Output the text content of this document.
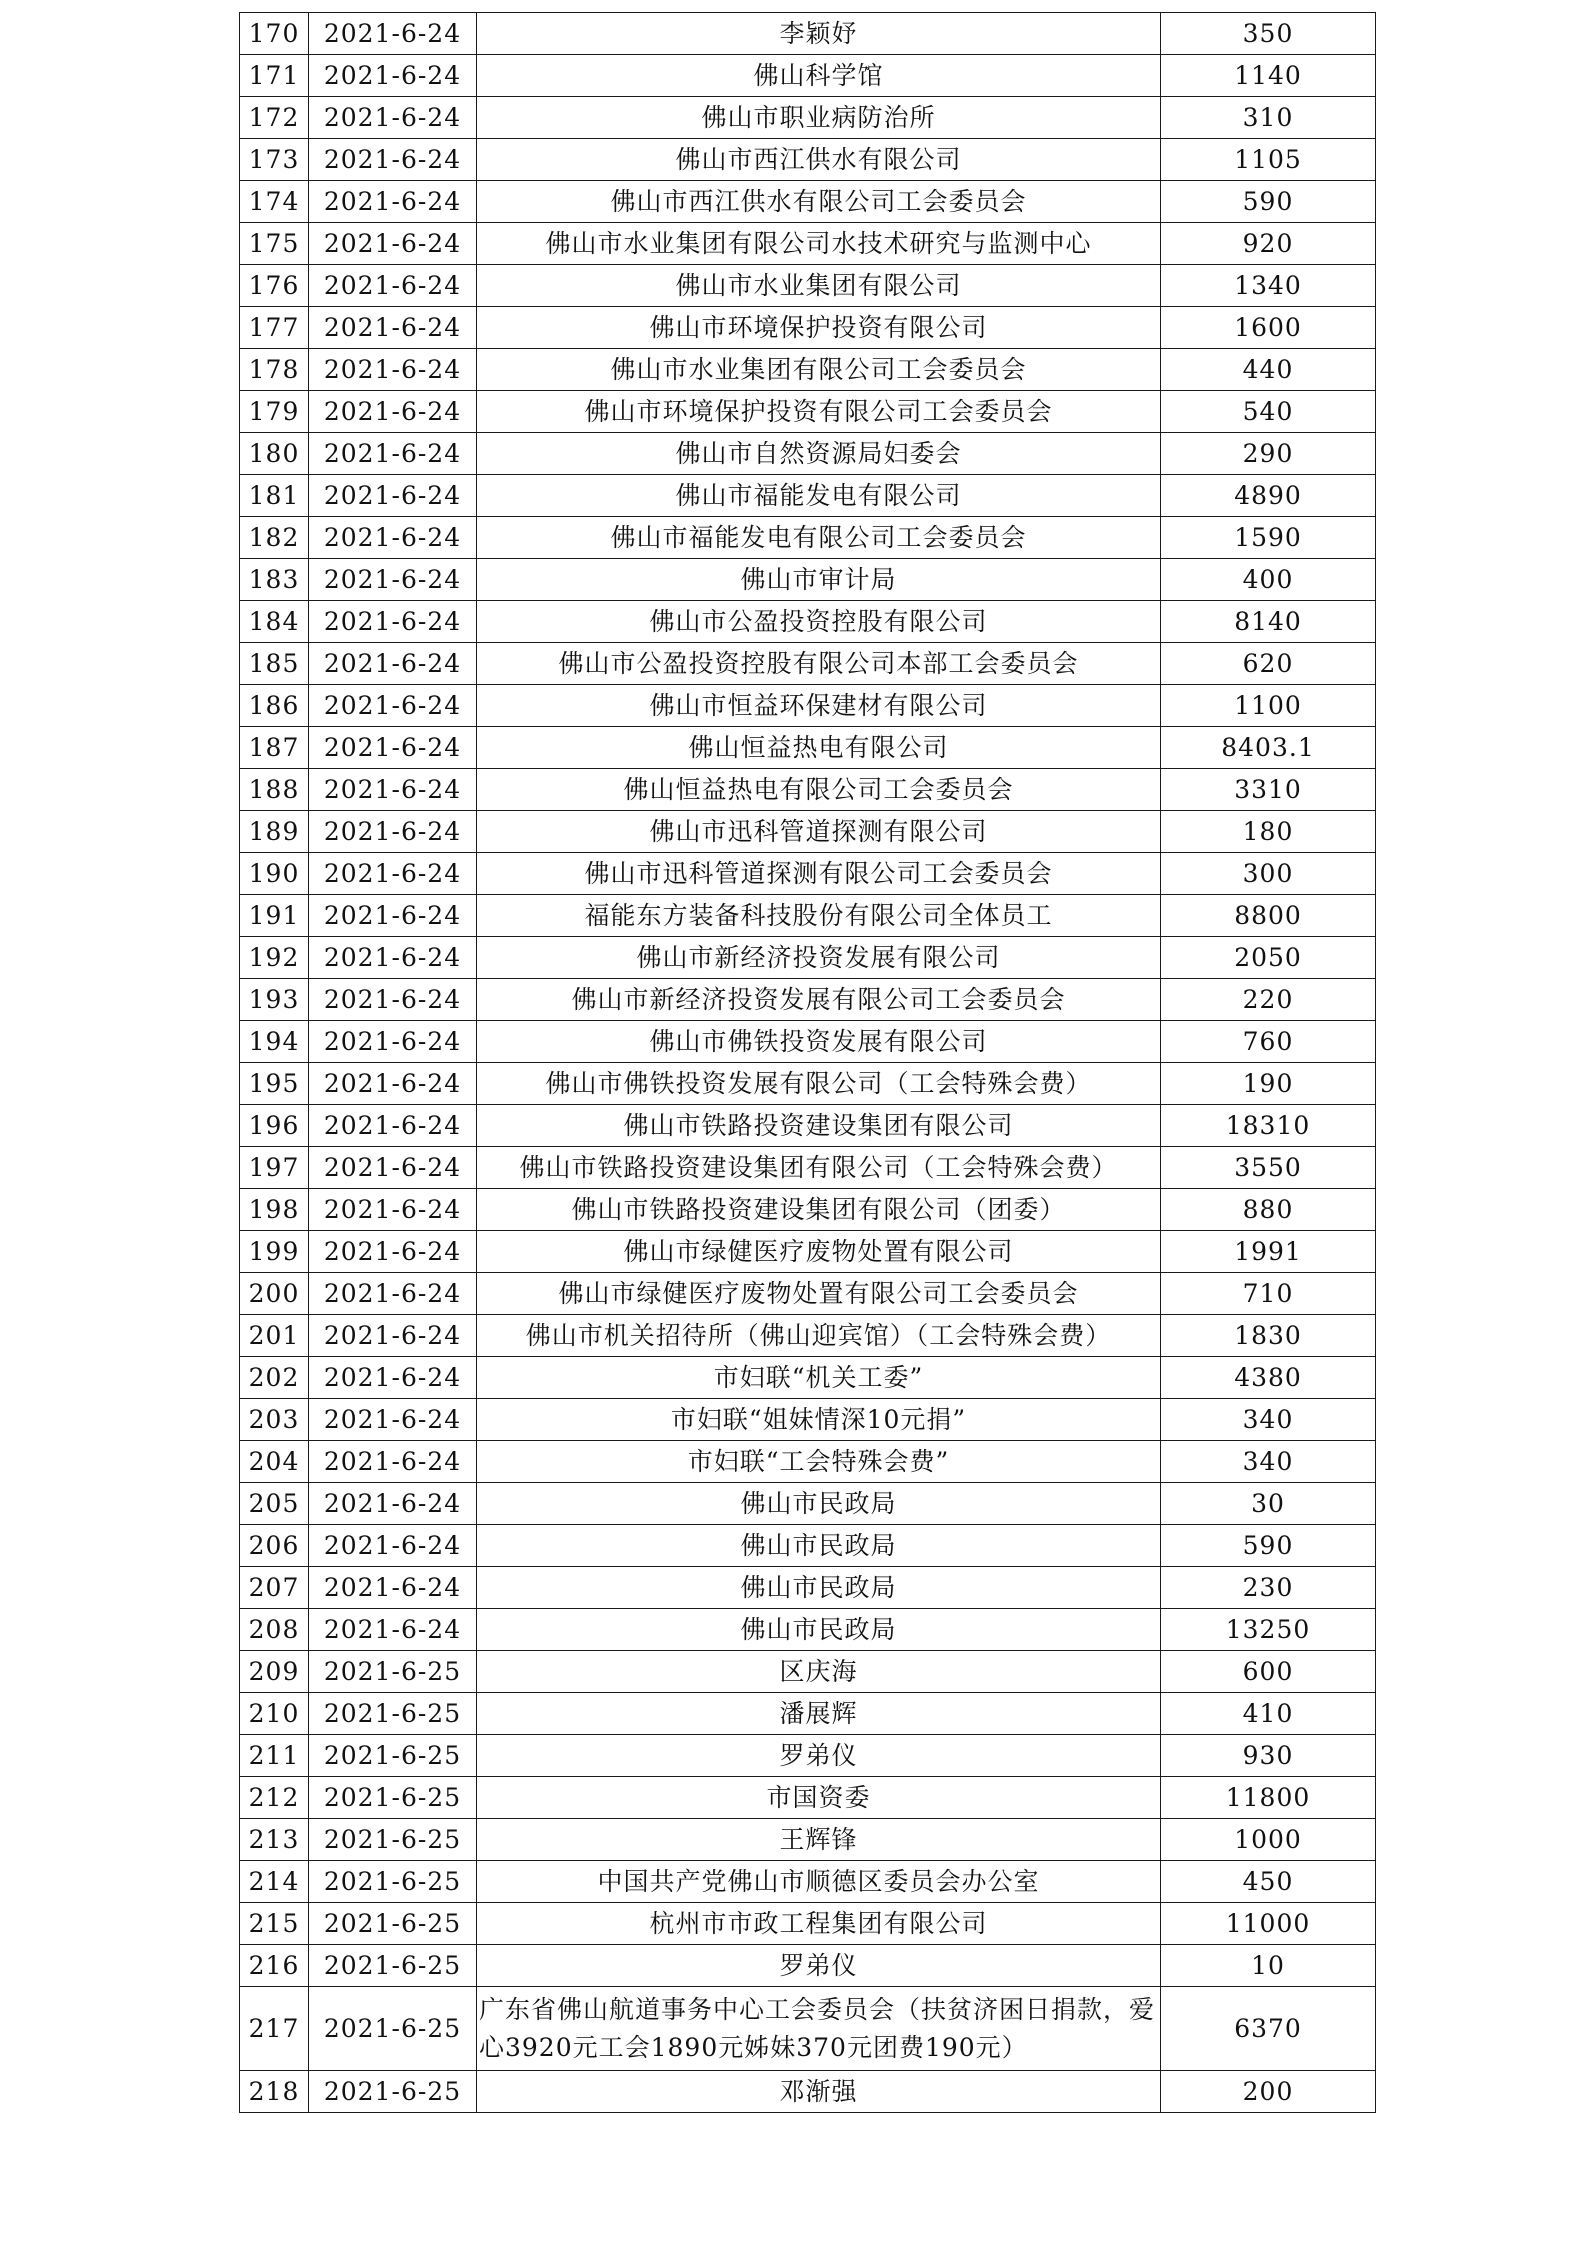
170	2021-6-24	李颖妤	350
171	2021-6-24	佛山科学馆	1140
172	2021-6-24	佛山市职业病防治所	310
173	2021-6-24	佛山市西江供水有限公司	1105
174	2021-6-24	佛山市西江供水有限公司工会委员会	590
175	2021-6-24	佛山市水业集团有限公司水技术研究与监测中心	920
176	2021-6-24	佛山市水业集团有限公司	1340
177	2021-6-24	佛山市环境保护投资有限公司	1600
178	2021-6-24	佛山市水业集团有限公司工会委员会	440
179	2021-6-24	佛山市环境保护投资有限公司工会委员会	540
180	2021-6-24	佛山市自然资源局妇委会	290
181	2021-6-24	佛山市福能发电有限公司	4890
182	2021-6-24	佛山市福能发电有限公司工会委员会	1590
183	2021-6-24	佛山市审计局	400
184	2021-6-24	佛山市公盈投资控股有限公司	8140
185	2021-6-24	佛山市公盈投资控股有限公司本部工会委员会	620
186	2021-6-24	佛山市恒益环保建材有限公司	1100
187	2021-6-24	佛山恒益热电有限公司	8403.1
188	2021-6-24	佛山恒益热电有限公司工会委员会	3310
189	2021-6-24	佛山市迅科管道探测有限公司	180
190	2021-6-24	佛山市迅科管道探测有限公司工会委员会	300
191	2021-6-24	福能东方装备科技股份有限公司全体员工	8800
192	2021-6-24	佛山市新经济投资发展有限公司	2050
193	2021-6-24	佛山市新经济投资发展有限公司工会委员会	220
194	2021-6-24	佛山市佛铁投资发展有限公司	760
195	2021-6-24	佛山市佛铁投资发展有限公司（工会特殊会费）	190
196	2021-6-24	佛山市铁路投资建设集团有限公司	18310
197	2021-6-24	佛山市铁路投资建设集团有限公司（工会特殊会费）	3550
198	2021-6-24	佛山市铁路投资建设集团有限公司（团委）	880
199	2021-6-24	佛山市绿健医疗废物处置有限公司	1991
200	2021-6-24	佛山市绿健医疗废物处置有限公司工会委员会	710
201	2021-6-24	佛山市机关招待所（佛山迎宾馆）（工会特殊会费）	1830
202	2021-6-24	市妇联“机关工委”	4380
203	2021-6-24	市妇联“姐妹情深10元捐”	340
204	2021-6-24	市妇联“工会特殊会费”	340
205	2021-6-24	佛山市民政局	30
206	2021-6-24	佛山市民政局	590
207	2021-6-24	佛山市民政局	230
208	2021-6-24	佛山市民政局	13250
209	2021-6-25	区庆海	600
210	2021-6-25	潘展辉	410
211	2021-6-25	罗弟仪	930
212	2021-6-25	市国资委	11800
213	2021-6-25	王辉锋	1000
214	2021-6-25	中国共产党佛山市顺德区委员会办公室	450
215	2021-6-25	杭州市市政工程集团有限公司	11000
216	2021-6-25	罗弟仪	10
217	2021-6-25	广东省佛山航道事务中心工会委员会（扶贫济困日捐款，爱心3920元工会1890元姊妹370元团费190元）	6370
218	2021-6-25	邓渐强	200
